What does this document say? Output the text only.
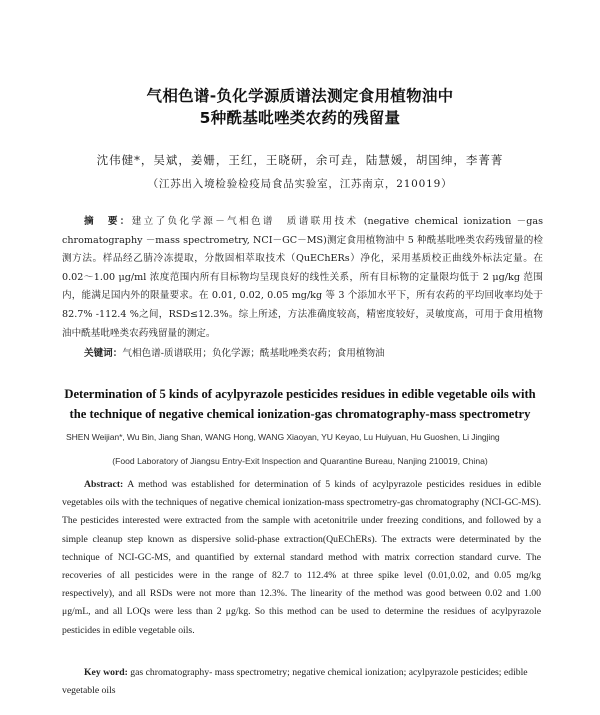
气相色谱-负化学源质谱法测定食用植物油中
5种酰基吡唑类农药的残留量
沈伟健*，吴斌，姜姗，王红，王晓研，余可垚，陆慧媛，胡国绅，李菁菁
（江苏出入境检验检疫局食品实验室，江苏南京，210019）

摘　要：建立了负化学源－气相色谱　质谱联用技术 (negative chemical ionization －gas chromatography －mass spectrometry, NCI－GC－MS)测定食用植物油中 5 种酰基吡唑类农药残留量的检测方法。样品经乙腈冷冻提取，分散固相萃取技术（QuEChERs）净化，采用基质校正曲线外标法定量。在 0.02～1.00 μg/ml 浓度范围内所有目标物均呈现良好的线性关系，所有目标物的定量限均低于 2 μg/kg 范围内，能满足国内外的限量要求。在 0.01, 0.02, 0.05 mg/kg 等 3 个添加水平下，所有农药的平均回收率均处于 82.7% -112.4 %之间，RSD≤12.3%。综上所述，方法准确度较高，精密度较好，灵敏度高，可用于食用植物油中酰基吡唑类农药残留量的测定。

关键词：气相色谱-质谱联用；负化学源；酰基吡唑类农药；食用植物油
Determination of 5 kinds of acylpyrazole pesticides residues in edible vegetable oils with
the technique of negative chemical ionization-gas chromatography-mass spectrometry
SHEN Weijian*, Wu Bin, Jiang Shan, WANG Hong, WANG Xiaoyan, YU Keyao, Lu Huiyuan, Hu Guoshen, Li Jingjing
(Food Laboratory of Jiangsu Entry-Exit Inspection and Quarantine Bureau, Nanjing 210019, China)

Abstract: A method was established for determination of 5 kinds of acylpyrazole pesticides residues in edible vegetables oils with the techniques of negative chemical ionization-mass spectrometry-gas chromatography (NCI-GC-MS). The pesticides interested were extracted from the sample with acetonitrile under freezing conditions, and followed by a simple cleanup step known as dispersive solid-phase extraction(QuEChERs). The extracts were determinated by the technique of NCI-GC-MS, and quantified by external standard method with matrix correction standard curve. The recoveries of all pesticides were in the range of 82.7 to 112.4% at three spike level (0.01,0.02, and 0.05 mg/kg respectively), and all RSDs were not more than 12.3%. The linearity of the method was good between 0.02 and 1.00 μg/mL, and all LOQs were less than 2 μg/kg. So this method can be used to determine the residues of acylpyrazole pesticides in edible vegetable oils.

Key word: gas chromatography- mass spectrometry; negative chemical ionization; acylpyrazole pesticides; edible vegetable oils
